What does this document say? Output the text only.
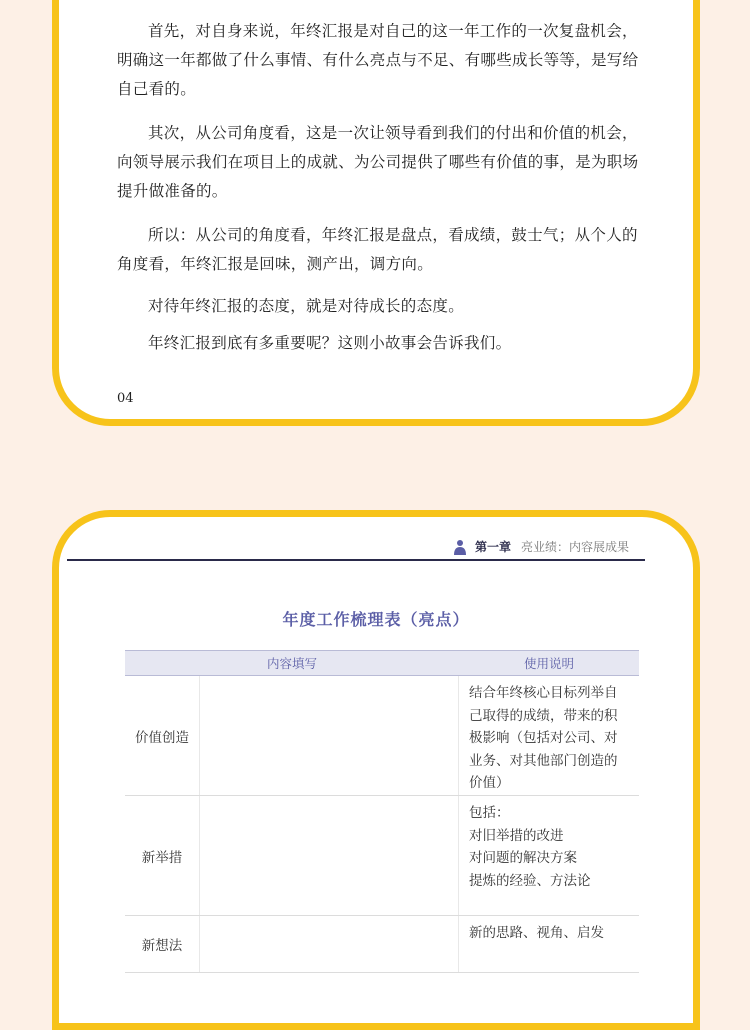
首先，对自身来说，年终汇报是对自己的这一年工作的一次复盘机会，明确这一年都做了什么事情、有什么亮点与不足、有哪些成长等等，是写给自己看的。

其次，从公司角度看，这是一次让领导看到我们的付出和价值的机会，向领导展示我们在项目上的成就、为公司提供了哪些有价值的事，是为职场提升做准备的。

所以：从公司的角度看，年终汇报是盘点，看成绩，鼓士气；从个人的角度看，年终汇报是回味，测产出，调方向。

对待年终汇报的态度，就是对待成长的态度。

年终汇报到底有多重要呢？这则小故事会告诉我们。

04
第一章 亮业绩：内容展成果
年度工作梳理表（亮点）
内容填写	使用说明
价值创造
结合年终核心目标列举自
己取得的成绩，带来的积
极影响（包括对公司、对
业务、对其他部门创造的
价值）
新举措
包括：
对旧举措的改进
对问题的解决方案
提炼的经验、方法论
新想法
新的思路、视角、启发
